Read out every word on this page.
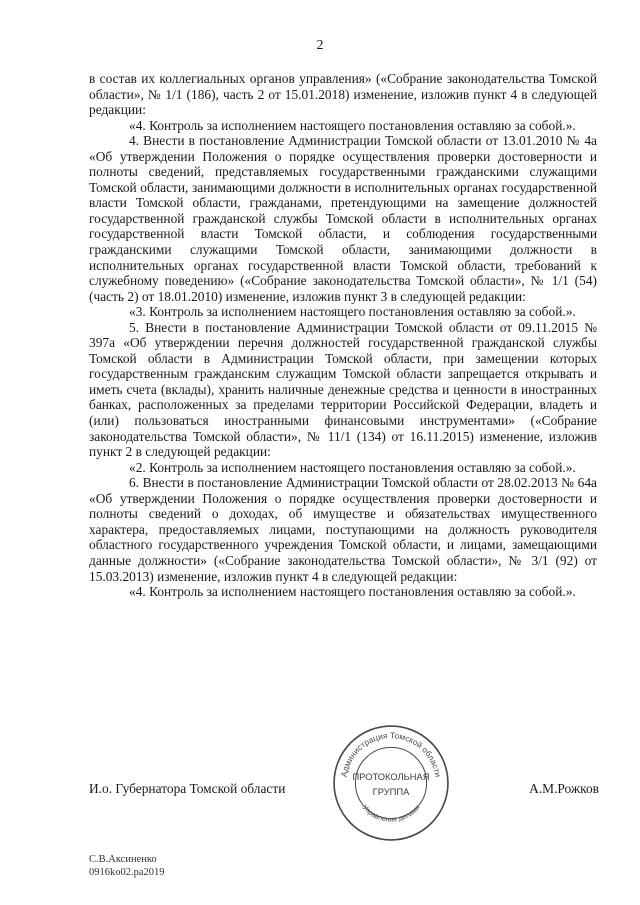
2

в состав их коллегиальных органов управления» («Собрание законодательства Томской области», № 1/1 (186), часть 2 от 15.01.2018) изменение, изложив пункт 4 в следующей редакции:

«4. Контроль за исполнением настоящего постановления оставляю за собой.».

4. Внести в постановление Администрации Томской области от 13.01.2010 № 4а «Об утверждении Положения о порядке осуществления проверки достоверности и полноты сведений, представляемых государственными гражданскими служащими Томской области, занимающими должности в исполнительных органах государственной власти Томской области, гражданами, претендующими на замещение должностей государственной гражданской службы Томской области в исполнительных органах государственной власти Томской области, и соблюдения государственными гражданскими служащими Томской области, занимающими должности в исполнительных органах государственной власти Томской области, требований к служебному поведению» («Собрание законодательства Томской области», № 1/1 (54) (часть 2) от 18.01.2010) изменение, изложив пункт 3 в следующей редакции:

«3. Контроль за исполнением настоящего постановления оставляю за собой.».

5. Внести в постановление Администрации Томской области от 09.11.2015 № 397а «Об утверждении перечня должностей государственной гражданской службы Томской области в Администрации Томской области, при замещении которых государственным гражданским служащим Томской области запрещается открывать и иметь счета (вклады), хранить наличные денежные средства и ценности в иностранных банках, расположенных за пределами территории Российской Федерации, владеть и (или) пользоваться иностранными финансовыми инструментами» («Собрание законодательства Томской области», № 11/1 (134) от 16.11.2015) изменение, изложив пункт 2 в следующей редакции:

«2. Контроль за исполнением настоящего постановления оставляю за собой.».

6. Внести в постановление Администрации Томской области от 28.02.2013 № 64а «Об утверждении Положения о порядке осуществления проверки достоверности и полноты сведений о доходах, об имуществе и обязательствах имущественного характера, предоставляемых лицами, поступающими на должность руководителя областного государственного учреждения Томской области, и лицами, замещающими данные должности» («Собрание законодательства Томской области», № 3/1 (92) от 15.03.2013) изменение, изложив пункт 4 в следующей редакции:

«4. Контроль за исполнением настоящего постановления оставляю за собой.».

И.о. Губернатора Томской области	А.М.Рожков
Администрация Томской области
Управление делами
ПРОТОКОЛЬНАЯ
ГРУППА
С.В.Аксиненко
0916ko02.ра2019
